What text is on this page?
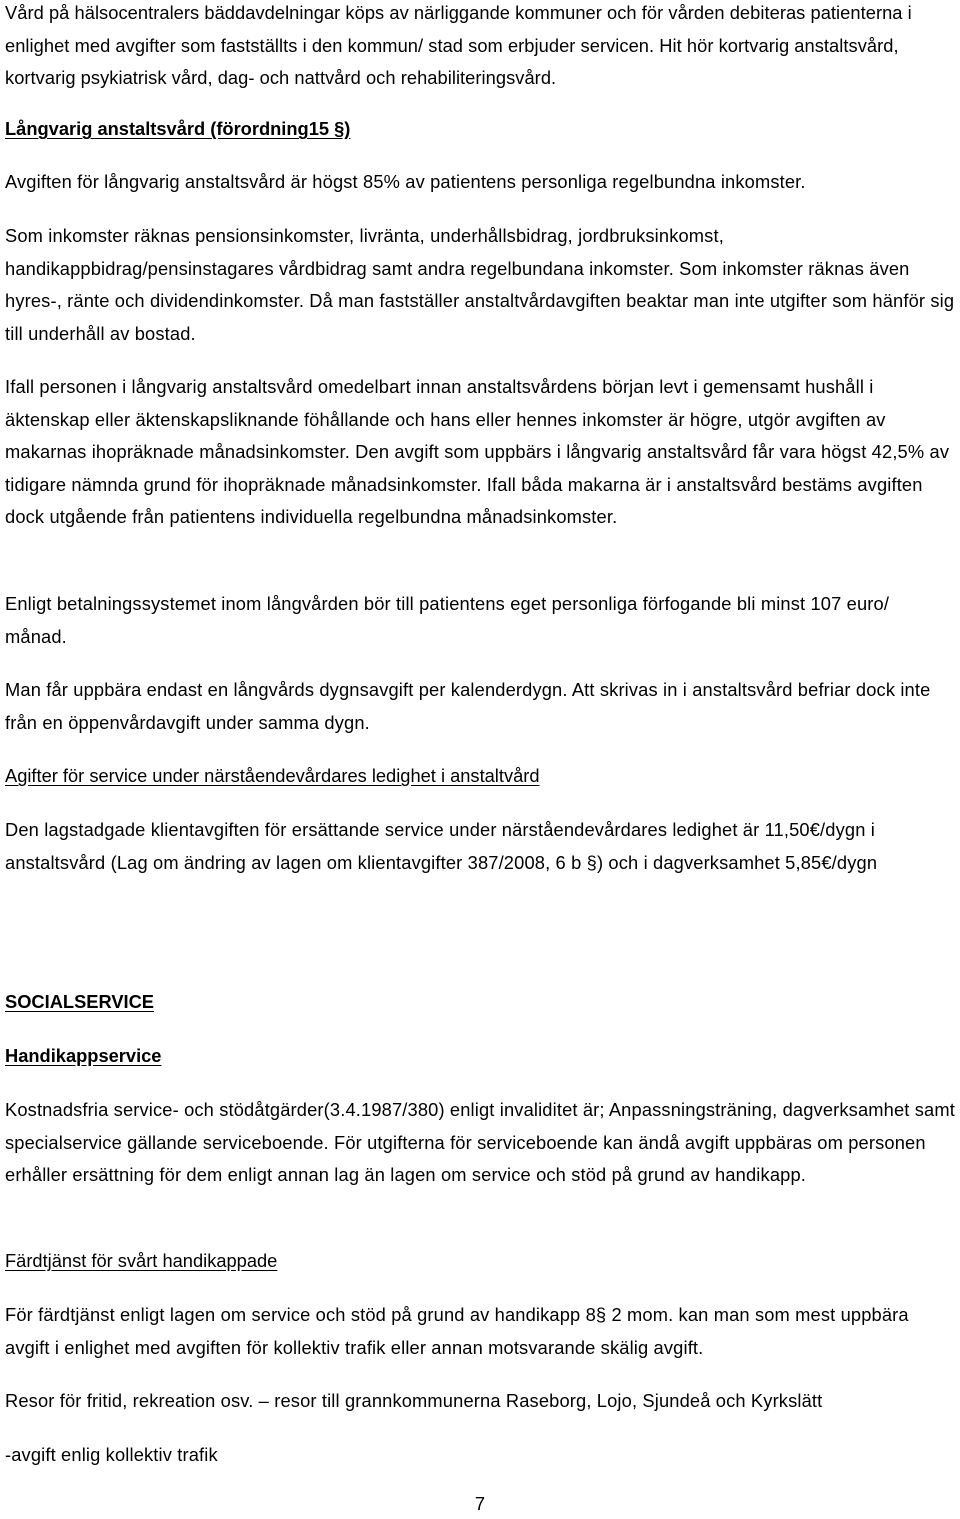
Vård på hälsocentralers bäddavdelningar köps av närliggande kommuner och för vården debiteras patienterna i enlighet med avgifter som fastställts i den kommun/ stad som erbjuder servicen. Hit hör kortvarig anstaltsvård, kortvarig psykiatrisk vård, dag- och nattvård och rehabiliteringsvård.

Långvarig anstaltsvård (förordning15 §)

Avgiften för långvarig anstaltsvård är högst 85% av patientens personliga regelbundna inkomster.

Som inkomster räknas pensionsinkomster, livränta, underhållsbidrag, jordbruksinkomst, handikappbidrag/pensinstagares vårdbidrag samt andra regelbundana inkomster. Som inkomster räknas även hyres-, ränte och dividendinkomster. Då man fastställer anstaltvårdavgiften beaktar man inte utgifter som hänför sig till underhåll av bostad.

Ifall personen i långvarig anstaltsvård omedelbart innan anstaltsvårdens början levt i gemensamt hushåll i äktenskap eller äktenskapsliknande föhållande och hans eller hennes inkomster är högre, utgör avgiften av makarnas ihopräknade månadsinkomster. Den avgift som uppbärs i långvarig anstaltsvård får vara högst 42,5% av tidigare nämnda grund för ihopräknade månadsinkomster. Ifall båda makarna är i anstaltsvård bestäms avgiften dock utgående från patientens individuella regelbundna månadsinkomster.

Enligt betalningssystemet inom långvården bör till patientens eget personliga förfogande bli minst 107 euro/ månad.

Man får uppbära endast en långvårds dygnsavgift per kalenderdygn. Att skrivas in i anstaltsvård befriar dock inte från en öppenvårdavgift under samma dygn.

Agifter för service under närståendevårdares ledighet i anstaltvård

Den lagstadgade klientavgiften för ersättande service under närståendevårdares ledighet är 11,50€/dygn i anstaltsvård (Lag om ändring av lagen om klientavgifter 387/2008, 6 b §) och i dagverksamhet 5,85€/dygn

SOCIALSERVICE

Handikappservice

Kostnadsfria service- och stödåtgärder(3.4.1987/380) enligt invaliditet är; Anpassningsträning, dagverksamhet samt specialservice gällande serviceboende. För utgifterna för serviceboende kan ändå avgift uppbäras om personen erhåller ersättning för dem enligt annan lag än lagen om service och stöd på grund av handikapp.

Färdtjänst för svårt handikappade

För färdtjänst enligt lagen om service och stöd på grund av handikapp 8§ 2 mom. kan man som mest uppbära avgift i enlighet med avgiften för kollektiv trafik eller annan motsvarande skälig avgift.

Resor för fritid, rekreation osv. – resor till grannkommunerna Raseborg, Lojo, Sjundeå och Kyrkslätt

-avgift enlig kollektiv trafik

7
